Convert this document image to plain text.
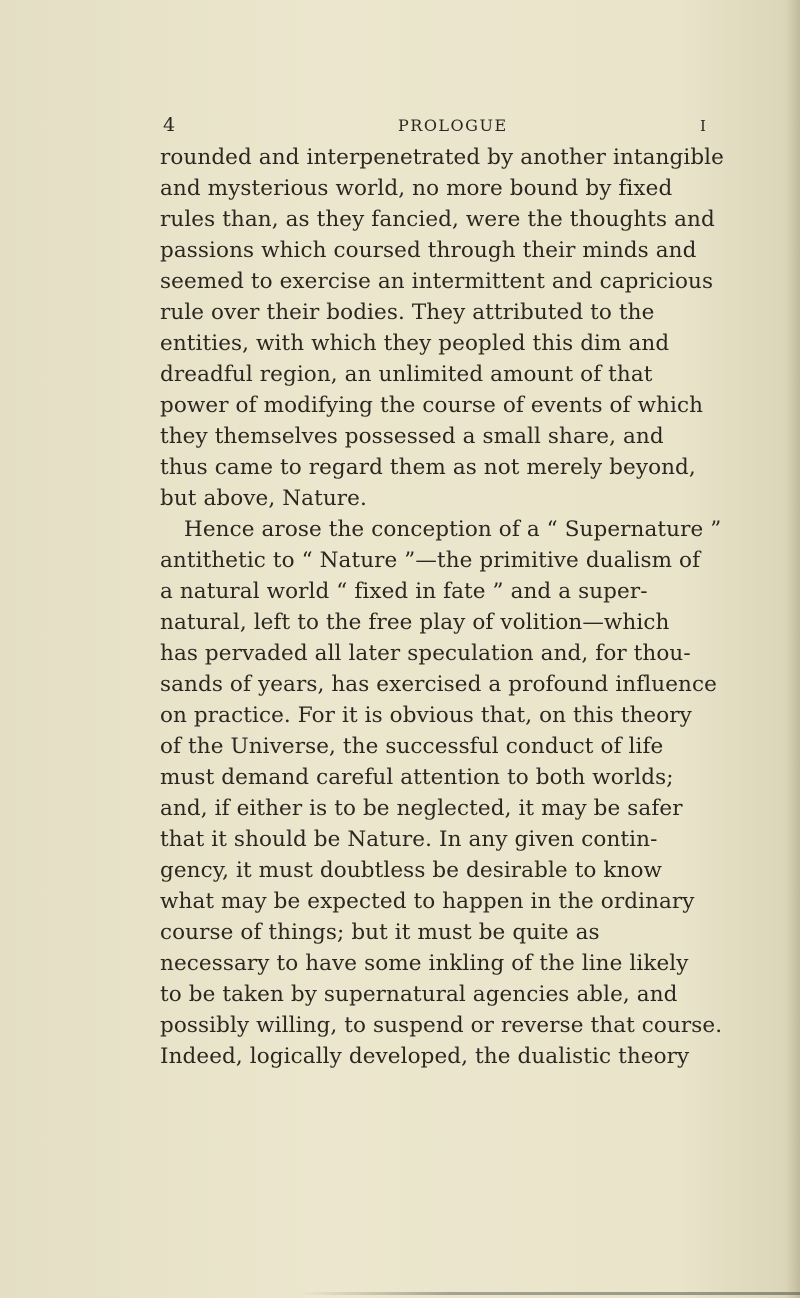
4	PROLOGUE	I
rounded and interpenetrated by another intangible
and mysterious world, no more bound by fixed
rules than, as they fancied, were the thoughts and
passions which coursed through their minds and
seemed to exercise an intermittent and capricious
rule over their bodies. They attributed to the
entities, with which they peopled this dim and
dreadful region, an unlimited amount of that
power of modifying the course of events of which
they themselves possessed a small share, and
thus came to regard them as not merely beyond,
but above, Nature.
Hence arose the conception of a “ Supernature ”
antithetic to “ Nature ”—the primitive dualism of
a natural world “ fixed in fate ” and a super-
natural, left to the free play of volition—which
has pervaded all later speculation and, for thou-
sands of years, has exercised a profound influence
on practice. For it is obvious that, on this theory
of the Universe, the successful conduct of life
must demand careful attention to both worlds;
and, if either is to be neglected, it may be safer
that it should be Nature. In any given contin-
gency, it must doubtless be desirable to know
what may be expected to happen in the ordinary
course of things; but it must be quite as
necessary to have some inkling of the line likely
to be taken by supernatural agencies able, and
possibly willing, to suspend or reverse that course.
Indeed, logically developed, the dualistic theory
